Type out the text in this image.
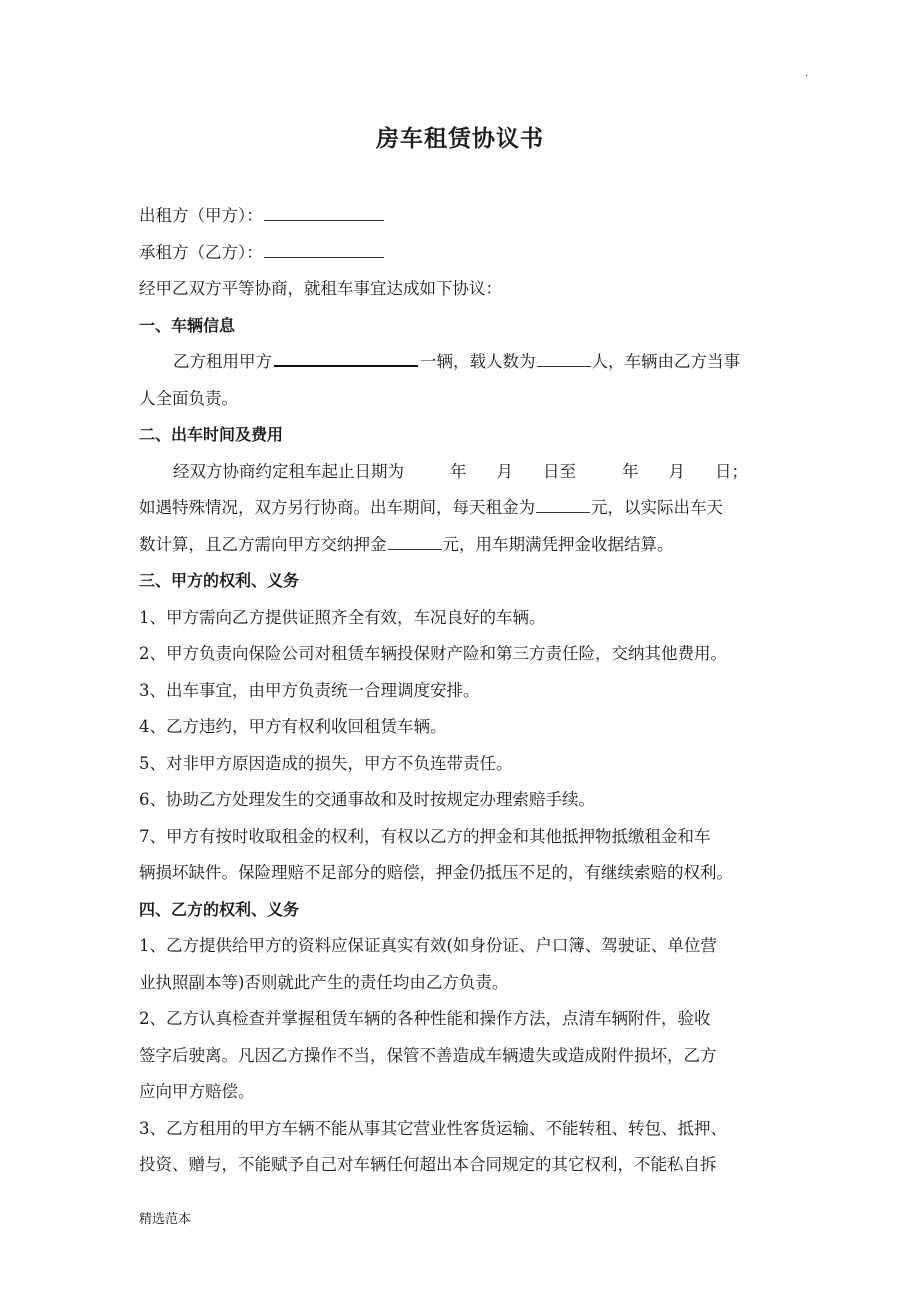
·
zixin.com.cn
房车租赁协议书
出租方（甲方）：
承租方（乙方）：
经甲乙双方平等协商，就租车事宜达成如下协议：
一、车辆信息
乙方租用甲方	一辆，载人数为	人，车辆由乙方当事
人全面负责。
二、出车时间及费用
经双方协商约定租车起止日期为	年 月 日至	年 月 日；
如遇特殊情况，双方另行协商。出车期间，每天租金为	元，以实际出车天
数计算，且乙方需向甲方交纳押金	元，用车期满凭押金收据结算。
三、甲方的权利、义务
1、甲方需向乙方提供证照齐全有效，车况良好的车辆。
2、甲方负责向保险公司对租赁车辆投保财产险和第三方责任险，交纳其他费用。
3、出车事宜，由甲方负责统一合理调度安排。
4、乙方违约，甲方有权利收回租赁车辆。
5、对非甲方原因造成的损失，甲方不负连带责任。
6、协助乙方处理发生的交通事故和及时按规定办理索赔手续。
7、甲方有按时收取租金的权利，有权以乙方的押金和其他抵押物抵缴租金和车
辆损坏缺件。保险理赔不足部分的赔偿，押金仍抵压不足的，有继续索赔的权利。
四、乙方的权利、义务
1、乙方提供给甲方的资料应保证真实有效(如身份证、户口簿、驾驶证、单位营
业执照副本等)否则就此产生的责任均由乙方负责。
2、乙方认真检查并掌握租赁车辆的各种性能和操作方法，点清车辆附件，验收
签字后驶离。凡因乙方操作不当，保管不善造成车辆遗失或造成附件损坏，乙方
应向甲方赔偿。
3、乙方租用的甲方车辆不能从事其它营业性客货运输、不能转租、转包、抵押、
投资、赠与，不能赋予自己对车辆任何超出本合同规定的其它权利，不能私自拆
精选范本
